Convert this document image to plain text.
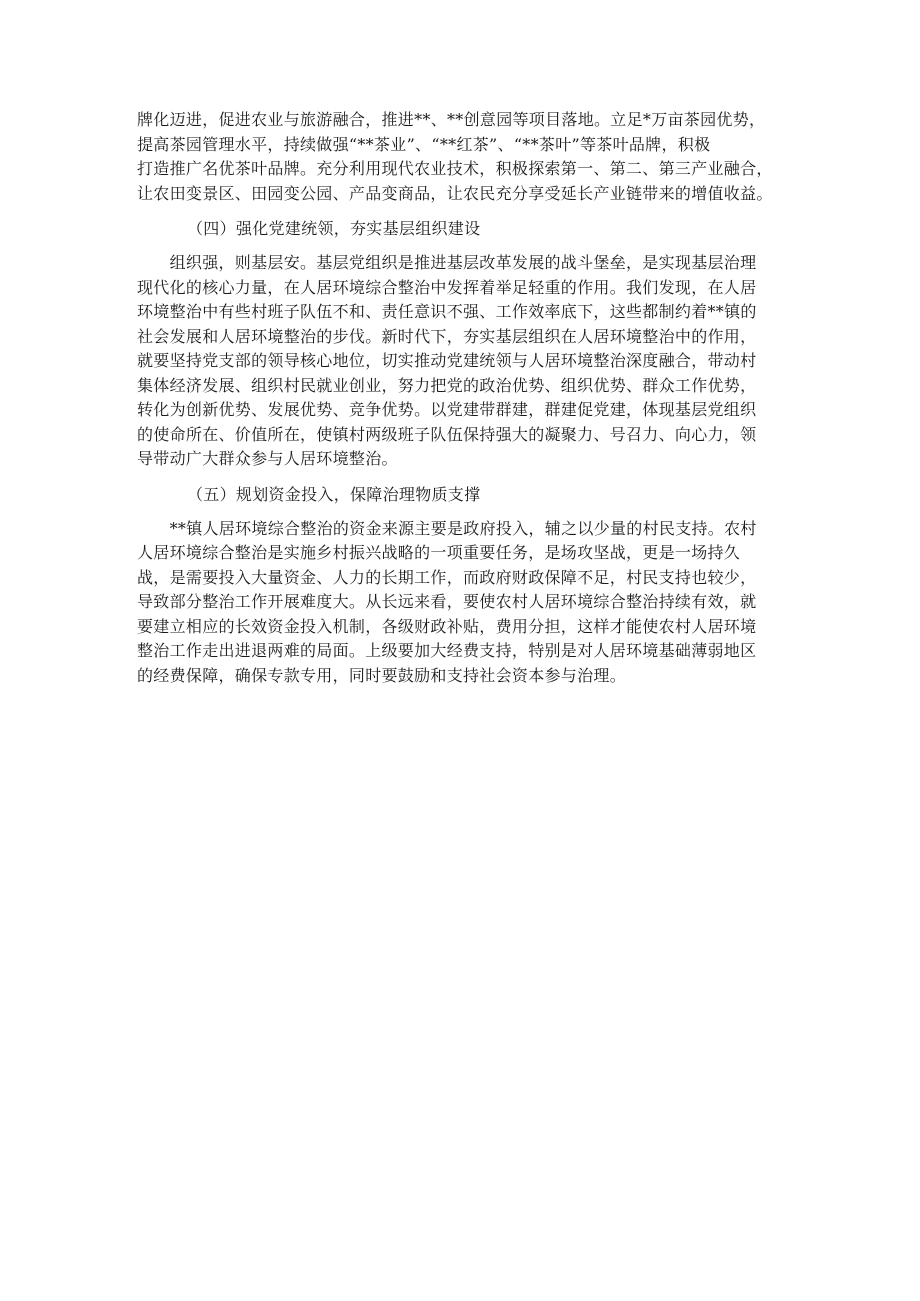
牌化迈进，促进农业与旅游融合，推进**、**创意园等项目落地。立足*万亩茶园优势，
提高茶园管理水平，持续做强“**茶业”、“**红茶”、“**茶叶”等茶叶品牌，积极
打造推广名优茶叶品牌。充分利用现代农业技术，积极探索第一、第二、第三产业融合，
让农田变景区、田园变公园、产品变商品，让农民充分享受延长产业链带来的增值收益。

（四）强化党建统领，夯实基层组织建设

　　组织强，则基层安。基层党组织是推进基层改革发展的战斗堡垒，是实现基层治理
现代化的核心力量，在人居环境综合整治中发挥着举足轻重的作用。我们发现，在人居
环境整治中有些村班子队伍不和、责任意识不强、工作效率底下，这些都制约着**镇的
社会发展和人居环境整治的步伐。新时代下，夯实基层组织在人居环境整治中的作用，
就要坚持党支部的领导核心地位，切实推动党建统领与人居环境整治深度融合，带动村
集体经济发展、组织村民就业创业，努力把党的政治优势、组织优势、群众工作优势，
转化为创新优势、发展优势、竞争优势。以党建带群建，群建促党建，体现基层党组织
的使命所在、价值所在，使镇村两级班子队伍保持强大的凝聚力、号召力、向心力，领
导带动广大群众参与人居环境整治。

（五）规划资金投入，保障治理物质支撑

　　**镇人居环境综合整治的资金来源主要是政府投入，辅之以少量的村民支持。农村
人居环境综合整治是实施乡村振兴战略的一项重要任务，是场攻坚战，更是一场持久
战，是需要投入大量资金、人力的长期工作，而政府财政保障不足，村民支持也较少，
导致部分整治工作开展难度大。从长远来看，要使农村人居环境综合整治持续有效，就
要建立相应的长效资金投入机制，各级财政补贴，费用分担，这样才能使农村人居环境
整治工作走出进退两难的局面。上级要加大经费支持，特别是对人居环境基础薄弱地区
的经费保障，确保专款专用，同时要鼓励和支持社会资本参与治理。
